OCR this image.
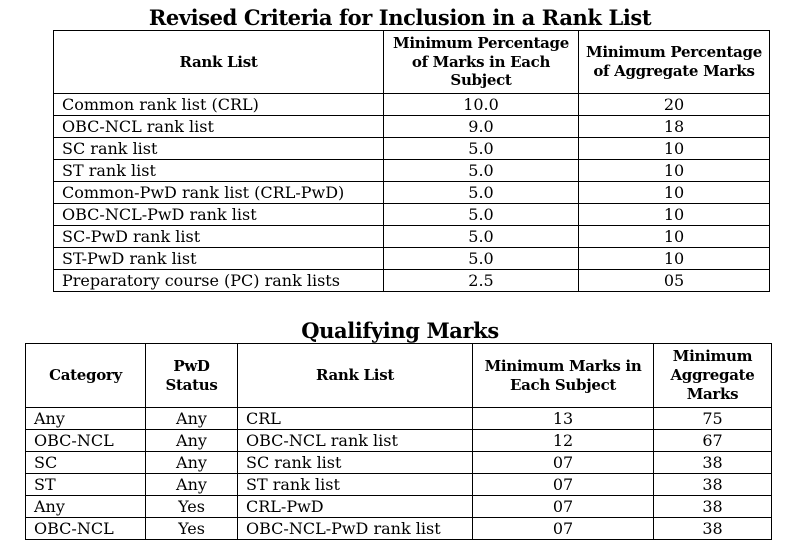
Revised Criteria for Inclusion in a Rank List
Rank List	Minimum Percentage of Marks in Each Subject	Minimum Percentage of Aggregate Marks
Common rank list (CRL)	10.0	20
OBC-NCL rank list	9.0	18
SC rank list	5.0	10
ST rank list	5.0	10
Common-PwD rank list (CRL-PwD)	5.0	10
OBC-NCL-PwD rank list	5.0	10
SC-PwD rank list	5.0	10
ST-PwD rank list	5.0	10
Preparatory course (PC) rank lists	2.5	05
Qualifying Marks
Category	PwD Status	Rank List	Minimum Marks in Each Subject	Minimum Aggregate Marks
Any	Any	CRL	13	75
OBC-NCL	Any	OBC-NCL rank list	12	67
SC	Any	SC rank list	07	38
ST	Any	ST rank list	07	38
Any	Yes	CRL-PwD	07	38
OBC-NCL	Yes	OBC-NCL-PwD rank list	07	38
